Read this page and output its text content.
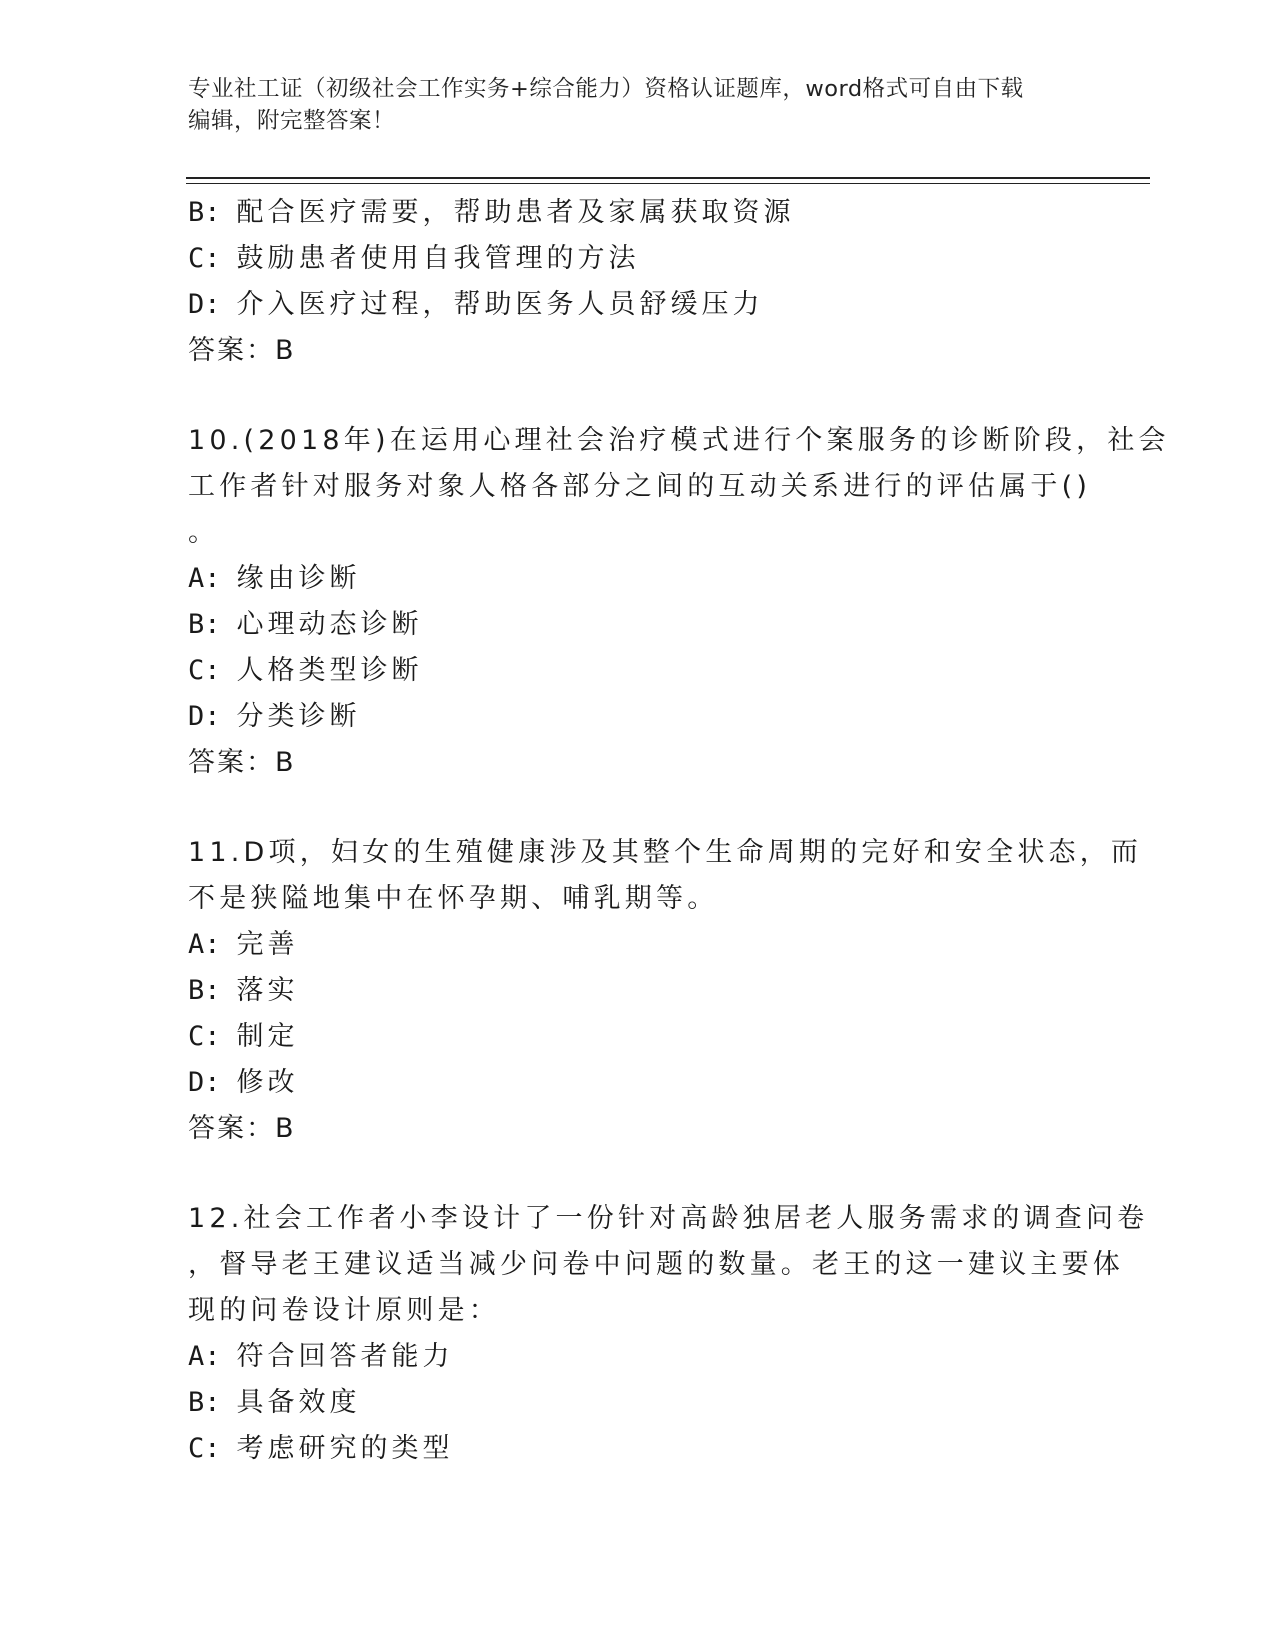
专业社工证（初级社会工作实务+综合能力）资格认证题库，word格式可自由下载
编辑，附完整答案！
B: 配合医疗需要，帮助患者及家属获取资源
C: 鼓励患者使用自我管理的方法
D: 介入医疗过程，帮助医务人员舒缓压力
答案：B
10.(2018年)在运用心理社会治疗模式进行个案服务的诊断阶段，社会
工作者针对服务对象人格各部分之间的互动关系进行的评估属于()
。
A: 缘由诊断
B: 心理动态诊断
C: 人格类型诊断
D: 分类诊断
答案：B
11.D项，妇女的生殖健康涉及其整个生命周期的完好和安全状态，而
不是狭隘地集中在怀孕期、哺乳期等。
A: 完善
B: 落实
C: 制定
D: 修改
答案：B
12.社会工作者小李设计了一份针对高龄独居老人服务需求的调查问卷
，督导老王建议适当减少问卷中问题的数量。老王的这一建议主要体
现的问卷设计原则是：
A: 符合回答者能力
B: 具备效度
C: 考虑研究的类型
